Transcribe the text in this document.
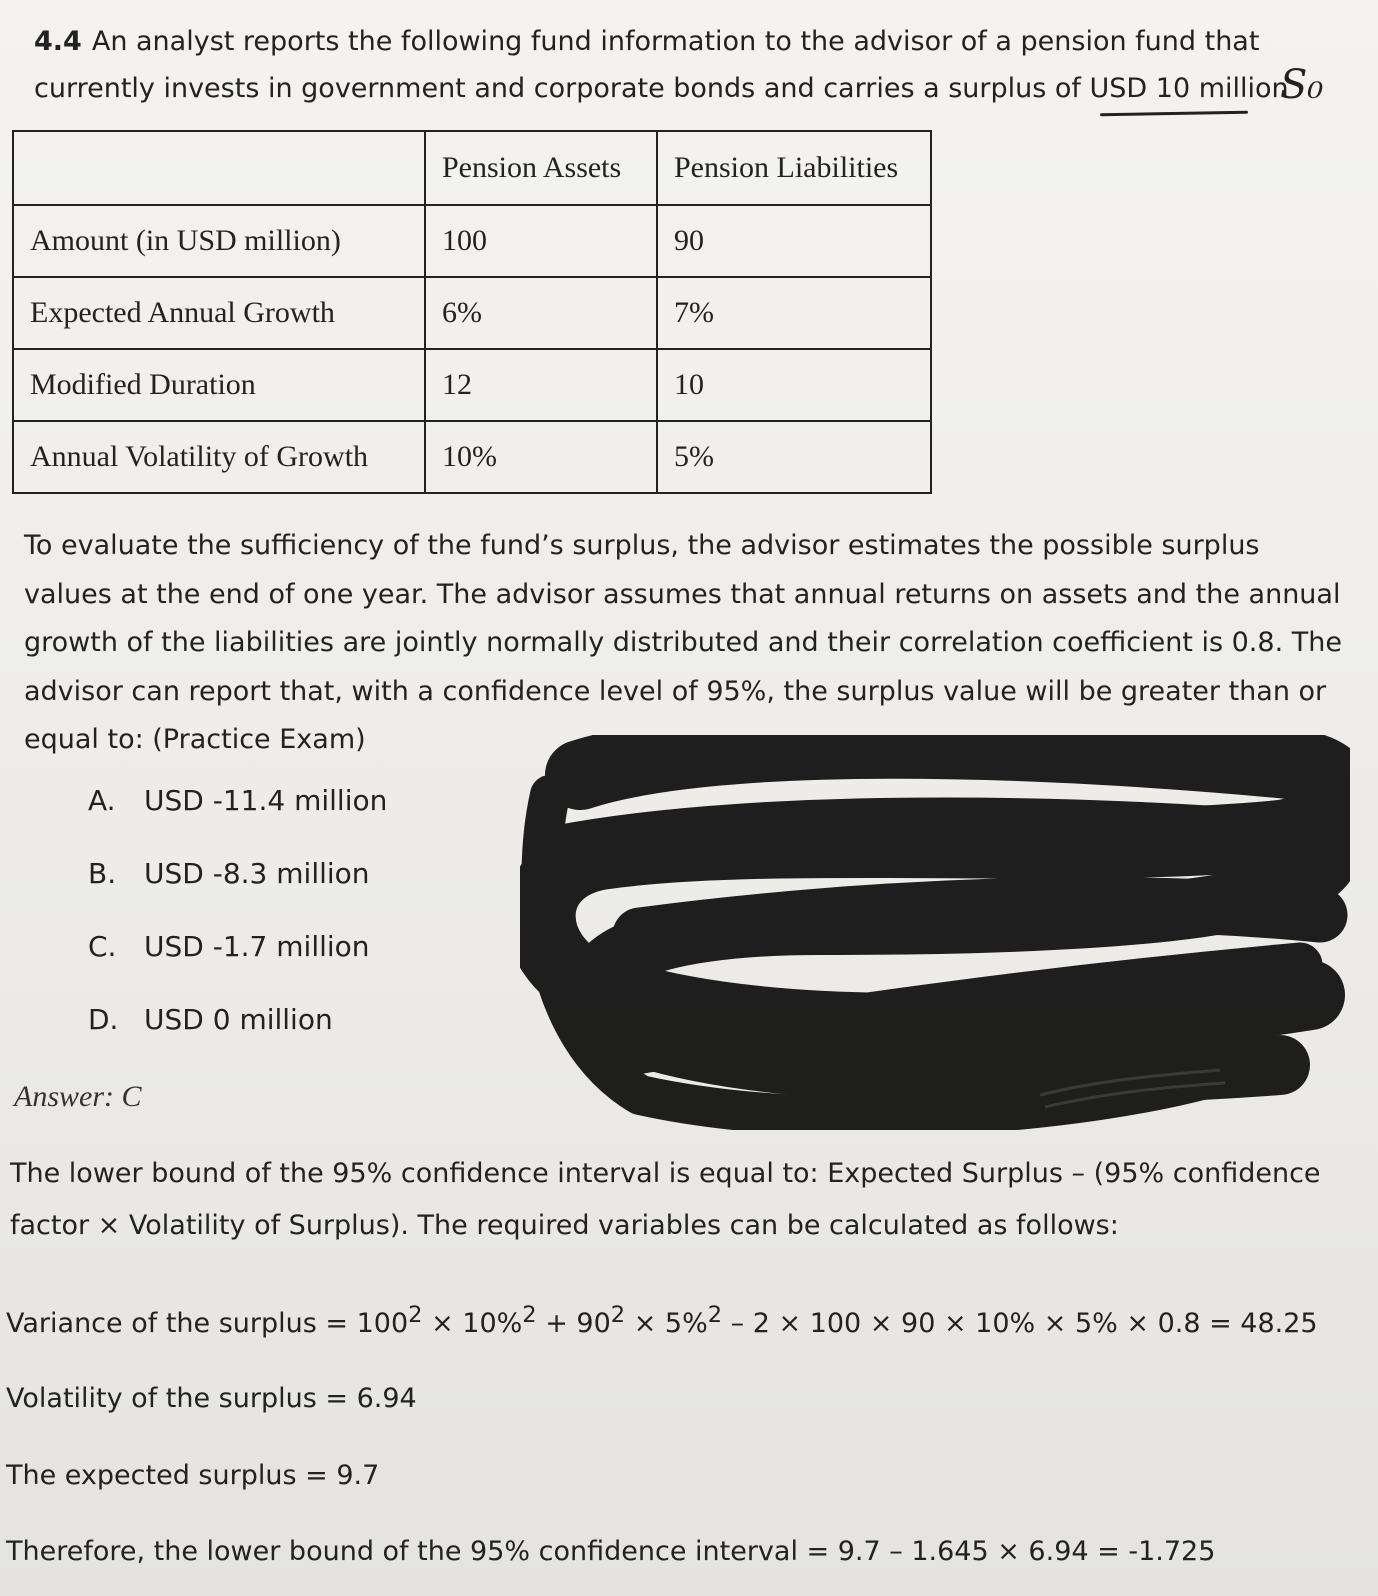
4.4 An analyst reports the following fund information to the advisor of a pension fund that currently invests in government and corporate bonds and carries a surplus of USD 10 million
S₀
	Pension Assets	Pension Liabilities
Amount (in USD million)	100	90
Expected Annual Growth	6%	7%
Modified Duration	12	10
Annual Volatility of Growth	10%	5%
To evaluate the sufficiency of the fund’s surplus, the advisor estimates the possible surplus values at the end of one year. The advisor assumes that annual returns on assets and the annual growth of the liabilities are jointly normally distributed and their correlation coefficient is 0.8. The advisor can report that, with a confidence level of 95%, the surplus value will be greater than or equal to: (Practice Exam)
A.	USD -11.4 million
B. USD -8.3 million
C. USD -1.7 million
D. USD 0 million
Answer: C
The lower bound of the 95% confidence interval is equal to: Expected Surplus – (95% confidence factor × Volatility of Surplus). The required variables can be calculated as follows:
Variance of the surplus = $100^2 \times 10\%^2 + 90^2 \times 5\%^2 - 2 \times 100 \times 90 \times 10\% \times 5\% \times 0.8 = 48.25$
Volatility of the surplus = 6.94
The expected surplus = 9.7
Therefore, the lower bound of the 95% confidence interval = 9.7 – 1.645 × 6.94 = -1.725
